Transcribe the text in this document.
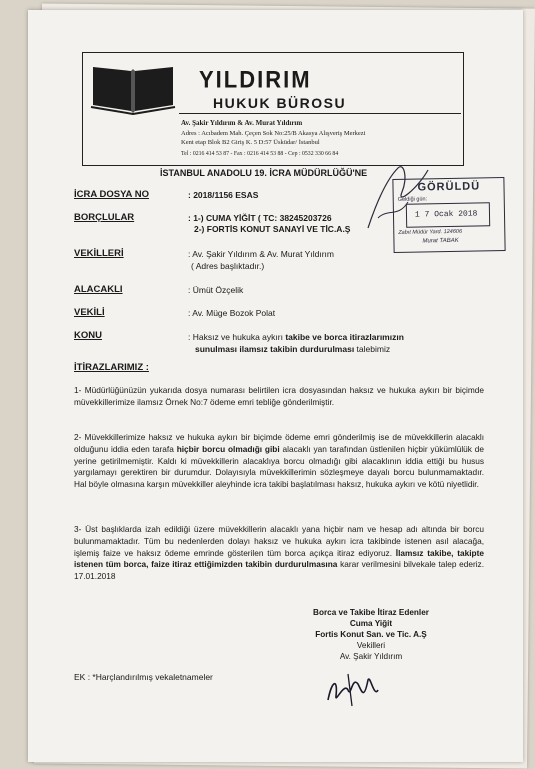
YILDIRIM
HUKUK BÜROSU
Av. Şakir Yıldırım & Av. Murat Yıldırım
Adres : Acıbadem Mah. Çeçen Sok No:25/B Akasya Alışveriş Merkezi
Kent etap Blok B2 Giriş K. 5 D:57 Üsküdar/ İstanbul
Tel : 0216 414 53 87 - Fax : 0216 414 53 88 - Cep : 0532 330 66 84
İSTANBUL ANADOLU 19. İCRA MÜDÜRLÜĞÜ'NE
İCRA DOSYA NO	: 2018/1156 ESAS
BORÇLULAR	: 1-) CUMA YİĞİT ( TC: 38245203726
2-) FORTİS KONUT SANAYİ VE TİC.A.Ş
VEKİLLERİ	: Av. Şakir Yıldırım & Av. Murat Yıldırım
( Adres başlıktadır.)
ALACAKLI	: Ümüt Özçelik
VEKİLİ	: Av. Müge Bozok Polat
KONU	: Haksız ve hukuka aykırı takibe ve borca itirazlarımızın
sunulması ilamsız takibin durdurulması talebimiz
İTİRAZLARIMIZ :
1- Müdürlüğünüzün yukarıda dosya numarası belirtilen icra dosyasından haksız ve hukuka aykırı bir biçimde müvekkillerimize ilamsız Örnek No:7 ödeme emri tebliğe gönderilmiştir.
2- Müvekkillerimize haksız ve hukuka aykırı bir biçimde ödeme emri gönderilmiş ise de müvekkillerin alacaklı olduğunu iddia eden tarafa hiçbir borcu olmadığı gibi alacaklı yan tarafından üstlenilen hiçbir yükümlülük de yerine getirilmemiştir. Kaldı ki müvekkillerin alacaklıya borcu olmadığı gibi alacaklının iddia ettiği bu husus yargılamayı gerektiren bir durumdur. Dolayısıyla müvekkillerimin sözleşmeye dayalı borcu bulunmamaktadır. Hal böyle olmasına karşın müvekkiller aleyhinde icra takibi başlatılması haksız, hukuka aykırı ve kötü niyetlidir.
3- Üst başlıklarda izah edildiği üzere müvekkillerin alacaklı yana hiçbir nam ve hesap adı altında bir borcu bulunmamaktadır. Tüm bu nedenlerden dolayı haksız ve hukuka aykırı icra takibinde istenen asıl alacağa, işlemiş faize ve haksız ödeme emrinde gösterilen tüm borca açıkça itiraz ediyoruz. İlamsız takibe, takipte istenen tüm borca, faize itiraz ettiğimizden takibin durdurulmasına karar verilmesini bilvekale talep ederiz. 17.01.2018
Borca ve Takibe İtiraz Edenler
Cuma Yiğit
Fortis Konut San. ve Tic. A.Ş
Vekilleri
Av. Şakir Yıldırım
EK : *Harçlandırılmış vekaletnameler
GÖRÜLDÜ
Geldiği gün:
1 7 Ocak 2018
Zabıt Müdür Yard. 124606
Murat TABAK
